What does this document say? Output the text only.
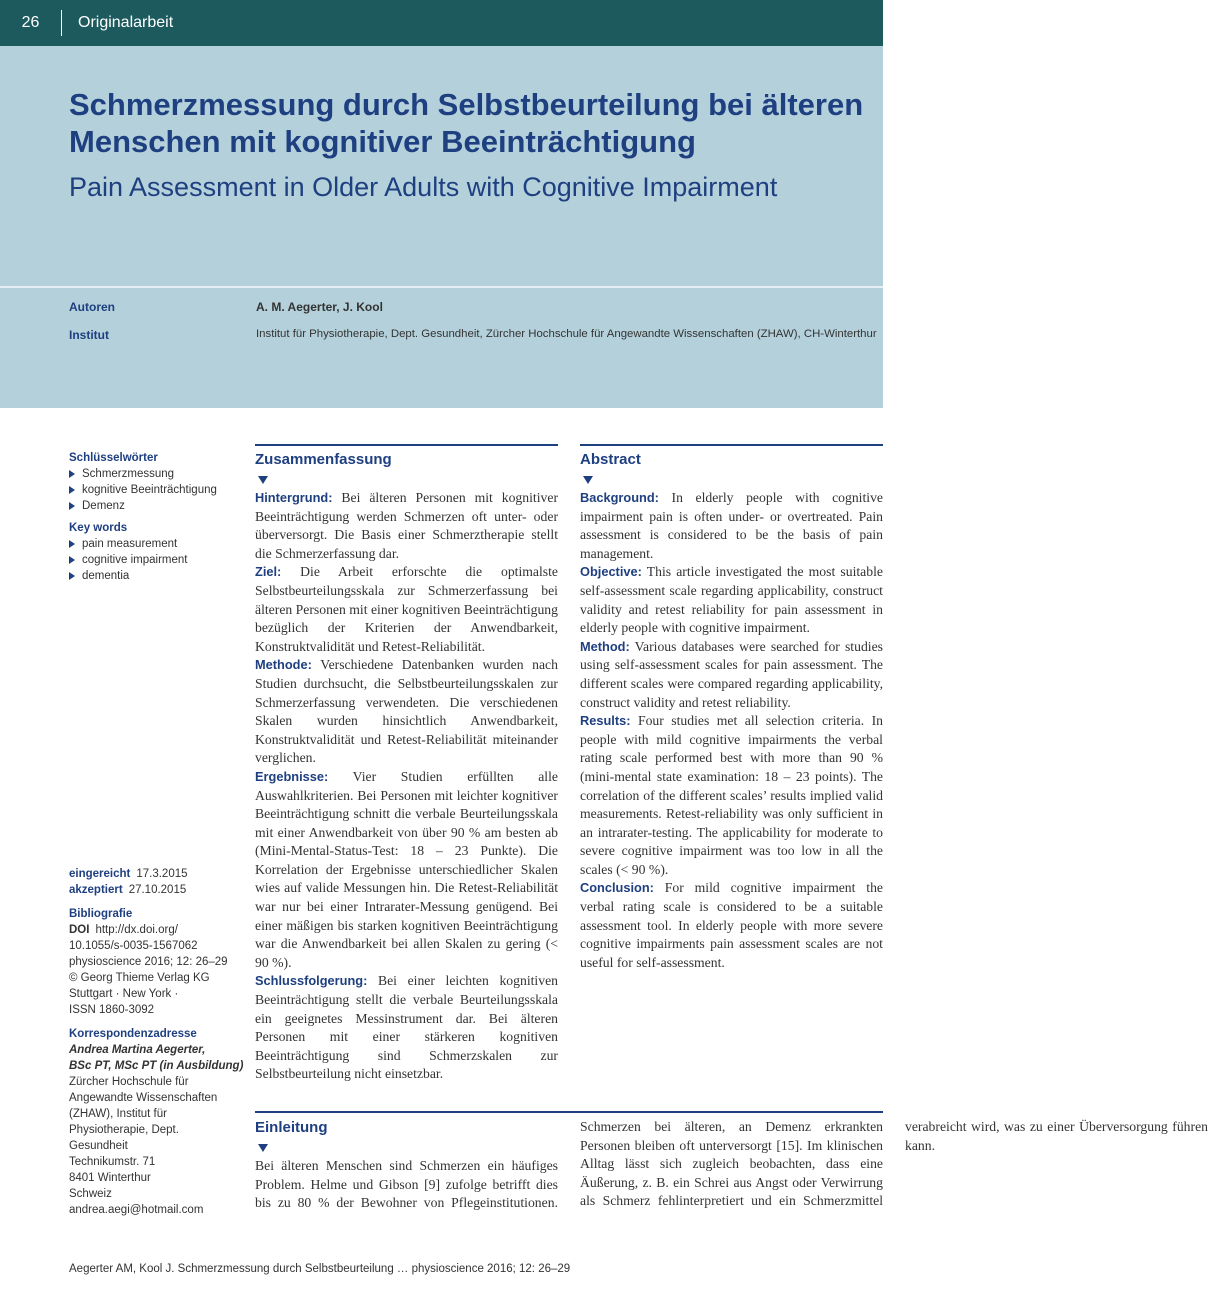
26	Originalarbeit
Schmerzmessung durch Selbstbeurteilung bei älteren Menschen mit kognitiver Beeinträchtigung
Pain Assessment in Older Adults with Cognitive Impairment
Autoren	A. M. Aegerter, J. Kool
Institut	Institut für Physiotherapie, Dept. Gesundheit, Zürcher Hochschule für Angewandte Wissenschaften (ZHAW), CH-Winterthur
Schlüsselwörter
Schmerzmessung
kognitive Beeinträchtigung
Demenz
Key words
pain measurement
cognitive impairment
dementia
eingereicht 17.3.2015
akzeptiert 27.10.2015
Bibliografie
DOI http://dx.doi.org/
10.1055/s-0035-1567062
physioscience 2016; 12: 26–29
© Georg Thieme Verlag KG
Stuttgart · New York ·
ISSN 1860-3092
Korrespondenzadresse
Andrea Martina Aegerter,
BSc PT, MSc PT (in Ausbildung)
Zürcher Hochschule für
Angewandte Wissenschaften
(ZHAW), Institut für
Physiotherapie, Dept.
Gesundheit
Technikumstr. 71
8401 Winterthur
Schweiz
andrea.aegi@hotmail.com
Zusammenfassung

Hintergrund: Bei älteren Personen mit kognitiver Beeinträchtigung werden Schmerzen oft unter- oder überversorgt. Die Basis einer Schmerztherapie stellt die Schmerzerfassung dar.

Ziel: Die Arbeit erforschte die optimalste Selbstbeurteilungsskala zur Schmerzerfassung bei älteren Personen mit einer kognitiven Beeinträchtigung bezüglich der Kriterien der Anwendbarkeit, Konstruktvalidität und Retest-Reliabilität.

Methode: Verschiedene Datenbanken wurden nach Studien durchsucht, die Selbstbeurteilungsskalen zur Schmerzerfassung verwendeten. Die verschiedenen Skalen wurden hinsichtlich Anwendbarkeit, Konstruktvalidität und Retest-Reliabilität miteinander verglichen.

Ergebnisse: Vier Studien erfüllten alle Auswahlkriterien. Bei Personen mit leichter kognitiver Beeinträchtigung schnitt die verbale Beurteilungsskala mit einer Anwendbarkeit von über 90 % am besten ab (Mini-Mental-Status-Test: 18 – 23 Punkte). Die Korrelation der Ergebnisse unterschiedlicher Skalen wies auf valide Messungen hin. Die Retest-Reliabilität war nur bei einer Intrarater-Messung genügend. Bei einer mäßigen bis starken kognitiven Beeinträchtigung war die Anwendbarkeit bei allen Skalen zu gering (< 90 %).

Schlussfolgerung: Bei einer leichten kognitiven Beeinträchtigung stellt die verbale Beurteilungsskala ein geeignetes Messinstrument dar. Bei älteren Personen mit einer stärkeren kognitiven Beeinträchtigung sind Schmerzskalen zur Selbstbeurteilung nicht einsetzbar.

Abstract

Background: In elderly people with cognitive impairment pain is often under- or overtreated. Pain assessment is considered to be the basis of pain management.

Objective: This article investigated the most suitable self-assessment scale regarding applicability, construct validity and retest reliability for pain assessment in elderly people with cognitive impairment.

Method: Various databases were searched for studies using self-assessment scales for pain assessment. The different scales were compared regarding applicability, construct validity and retest reliability.

Results: Four studies met all selection criteria. In people with mild cognitive impairments the verbal rating scale performed best with more than 90 % (mini-mental state examination: 18 – 23 points). The correlation of the different scales’ results implied valid measurements. Retest-reliability was only sufficient in an intrarater-testing. The applicability for moderate to severe cognitive impairment was too low in all the scales (< 90 %).

Conclusion: For mild cognitive impairment the verbal rating scale is considered to be a suitable assessment tool. In elderly people with more severe cognitive impairments pain assessment scales are not useful for self-assessment.

Einleitung

Bei älteren Menschen sind Schmerzen ein häufiges Problem. Helme und Gibson [9] zufolge betrifft dies bis zu 80 % der Bewohner von Pflegeinstitutionen. Schmerzen bei älteren, an Demenz erkrankten Personen bleiben oft unterversorgt [15]. Im klinischen Alltag lässt sich zugleich beobachten, dass eine Äußerung, z. B. ein Schrei aus Angst oder Verwirrung als Schmerz fehlinterpretiert und ein Schmerzmittel verabreicht wird, was zu einer Überversorgung führen kann.

Aegerter AM, Kool J. Schmerzmessung durch Selbstbeurteilung … physioscience 2016; 12: 26–29
